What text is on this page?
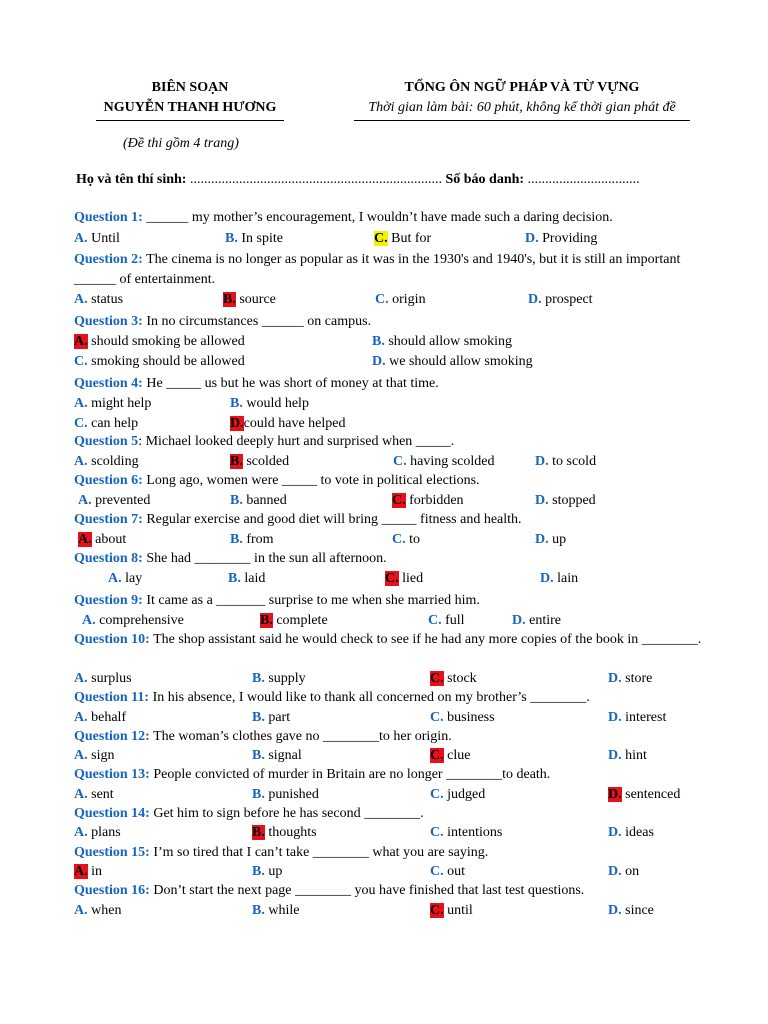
BIÊN SOẠN
NGUYỄN THANH HƯƠNG
TỔNG ÔN NGỮ PHÁP VÀ TỪ VỰNG
Thời gian làm bài: 60 phút, không kể thời gian phát đề
(Đề thi gồm 4 trang)
Họ và tên thí sinh: ........................................................................ Số báo danh: ................................
Question 1: ______ my mother’s encouragement, I wouldn’t have made such a daring decision.
A. Until	B. In spite	C. But for	D. Providing
Question 2: The cinema is no longer as popular as it was in the 1930's and 1940's, but it is still an important ______ of entertainment.
A. status	B. source	C. origin	D. prospect
Question 3: In no circumstances ______ on campus.
A. should smoking be allowed	B. should allow smoking
C. smoking should be allowed	D. we should allow smoking
Question 4: He _____ us but he was short of money at that time.
A. might help	B. would help
C. can help	D.could have helped
Question 5: Michael looked deeply hurt and surprised when _____.
A. scolding	B. scolded	C. having scolded	D. to scold
Question 6: Long ago, women were _____ to vote in political elections.
A. prevented	B. banned	C. forbidden	D. stopped
Question 7: Regular exercise and good diet will bring _____ fitness and health.
A. about	B. from	C. to	D. up
Question 8: She had ________ in the sun all afternoon.
A. lay	B. laid	C. lied	D. lain
Question 9: It came as a _______ surprise to me when she married him.
A. comprehensive	B. complete	C. full	D. entire
Question 10: The shop assistant said he would check to see if he had any more copies of the book in ________.
A. surplus	B. supply	C. stock	D. store
Question 11: In his absence, I would like to thank all concerned on my brother’s ________.
A. behalf	B. part	C. business	D. interest
Question 12: The woman’s clothes gave no ________to her origin.
A. sign	B. signal	C. clue	D. hint
Question 13: People convicted of murder in Britain are no longer ________to death.
A. sent	B. punished	C. judged	D. sentenced
Question 14: Get him to sign before he has second ________.
A. plans	B. thoughts	C. intentions	D. ideas
Question 15: I’m so tired that I can’t take ________ what you are saying.
A. in	B. up	C. out	D. on
Question 16: Don’t start the next page ________ you have finished that last test questions.
A. when	B. while	C. until	D. since
